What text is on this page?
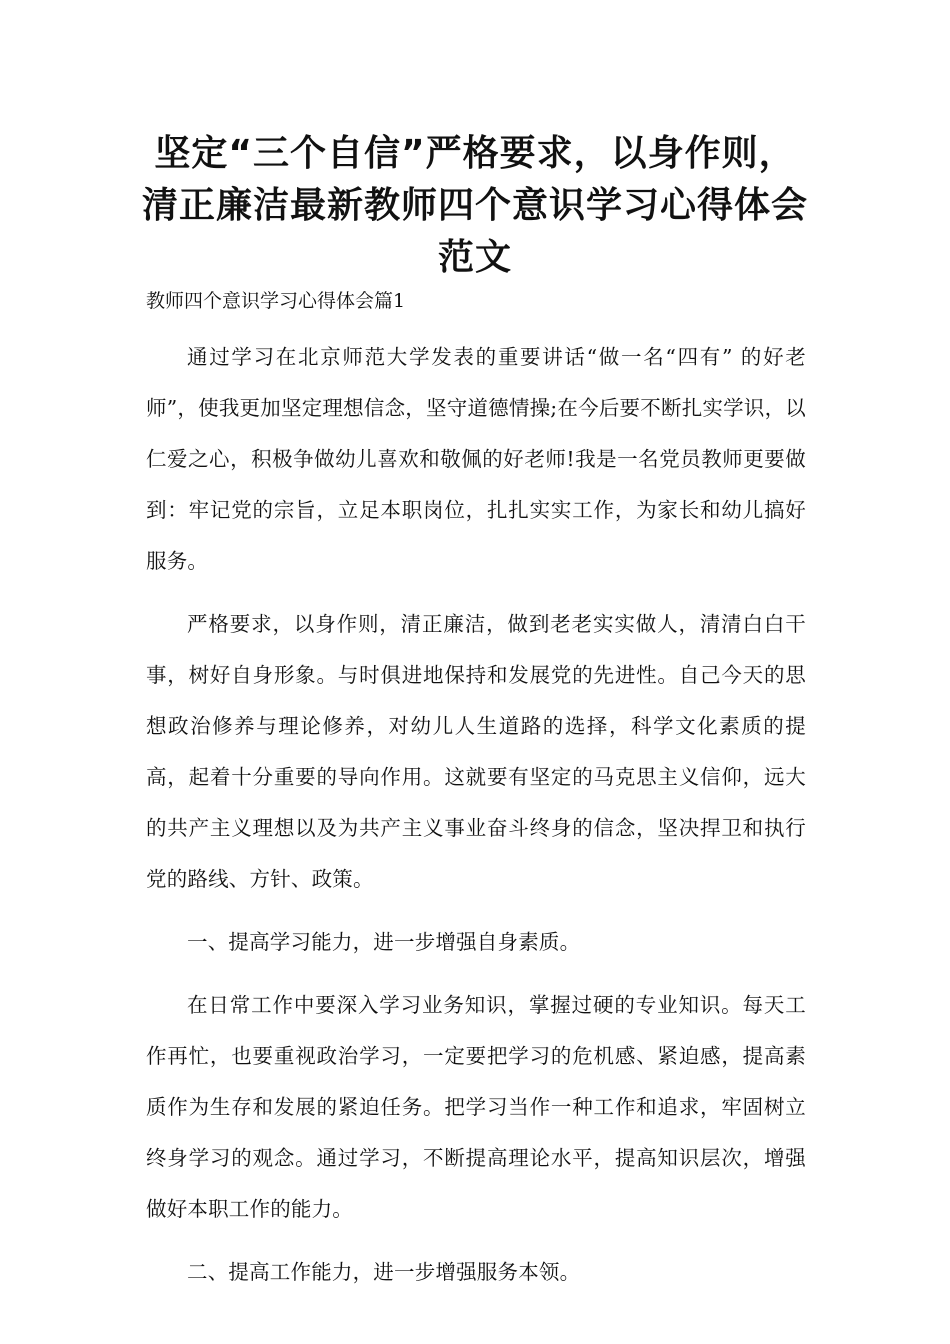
坚定“三个自信”严格要求，以身作则，
清正廉洁最新教师四个意识学习心得体会
范文
教师四个意识学习心得体会篇1

通过学习在北京师范大学发表的重要讲话“做一名“四有” 的好老师”，使我更加坚定理想信念，坚守道德情操;在今后要不断扎实学识，以仁爱之心，积极争做幼儿喜欢和敬佩的好老师!我是一名党员教师更要做到：牢记党的宗旨，立足本职岗位，扎扎实实工作，为家长和幼儿搞好服务。

严格要求，以身作则，清正廉洁，做到老老实实做人，清清白白干事，树好自身形象。与时俱进地保持和发展党的先进性。自己今天的思想政治修养与理论修养，对幼儿人生道路的选择，科学文化素质的提高，起着十分重要的导向作用。这就要有坚定的马克思主义信仰，远大的共产主义理想以及为共产主义事业奋斗终身的信念，坚决捍卫和执行党的路线、方针、政策。

一、提高学习能力，进一步增强自身素质。

在日常工作中要深入学习业务知识，掌握过硬的专业知识。每天工作再忙，也要重视政治学习，一定要把学习的危机感、紧迫感，提高素质作为生存和发展的紧迫任务。把学习当作一种工作和追求，牢固树立终身学习的观念。通过学习，不断提高理论水平，提高知识层次，增强做好本职工作的能力。

二、提高工作能力，进一步增强服务本领。
